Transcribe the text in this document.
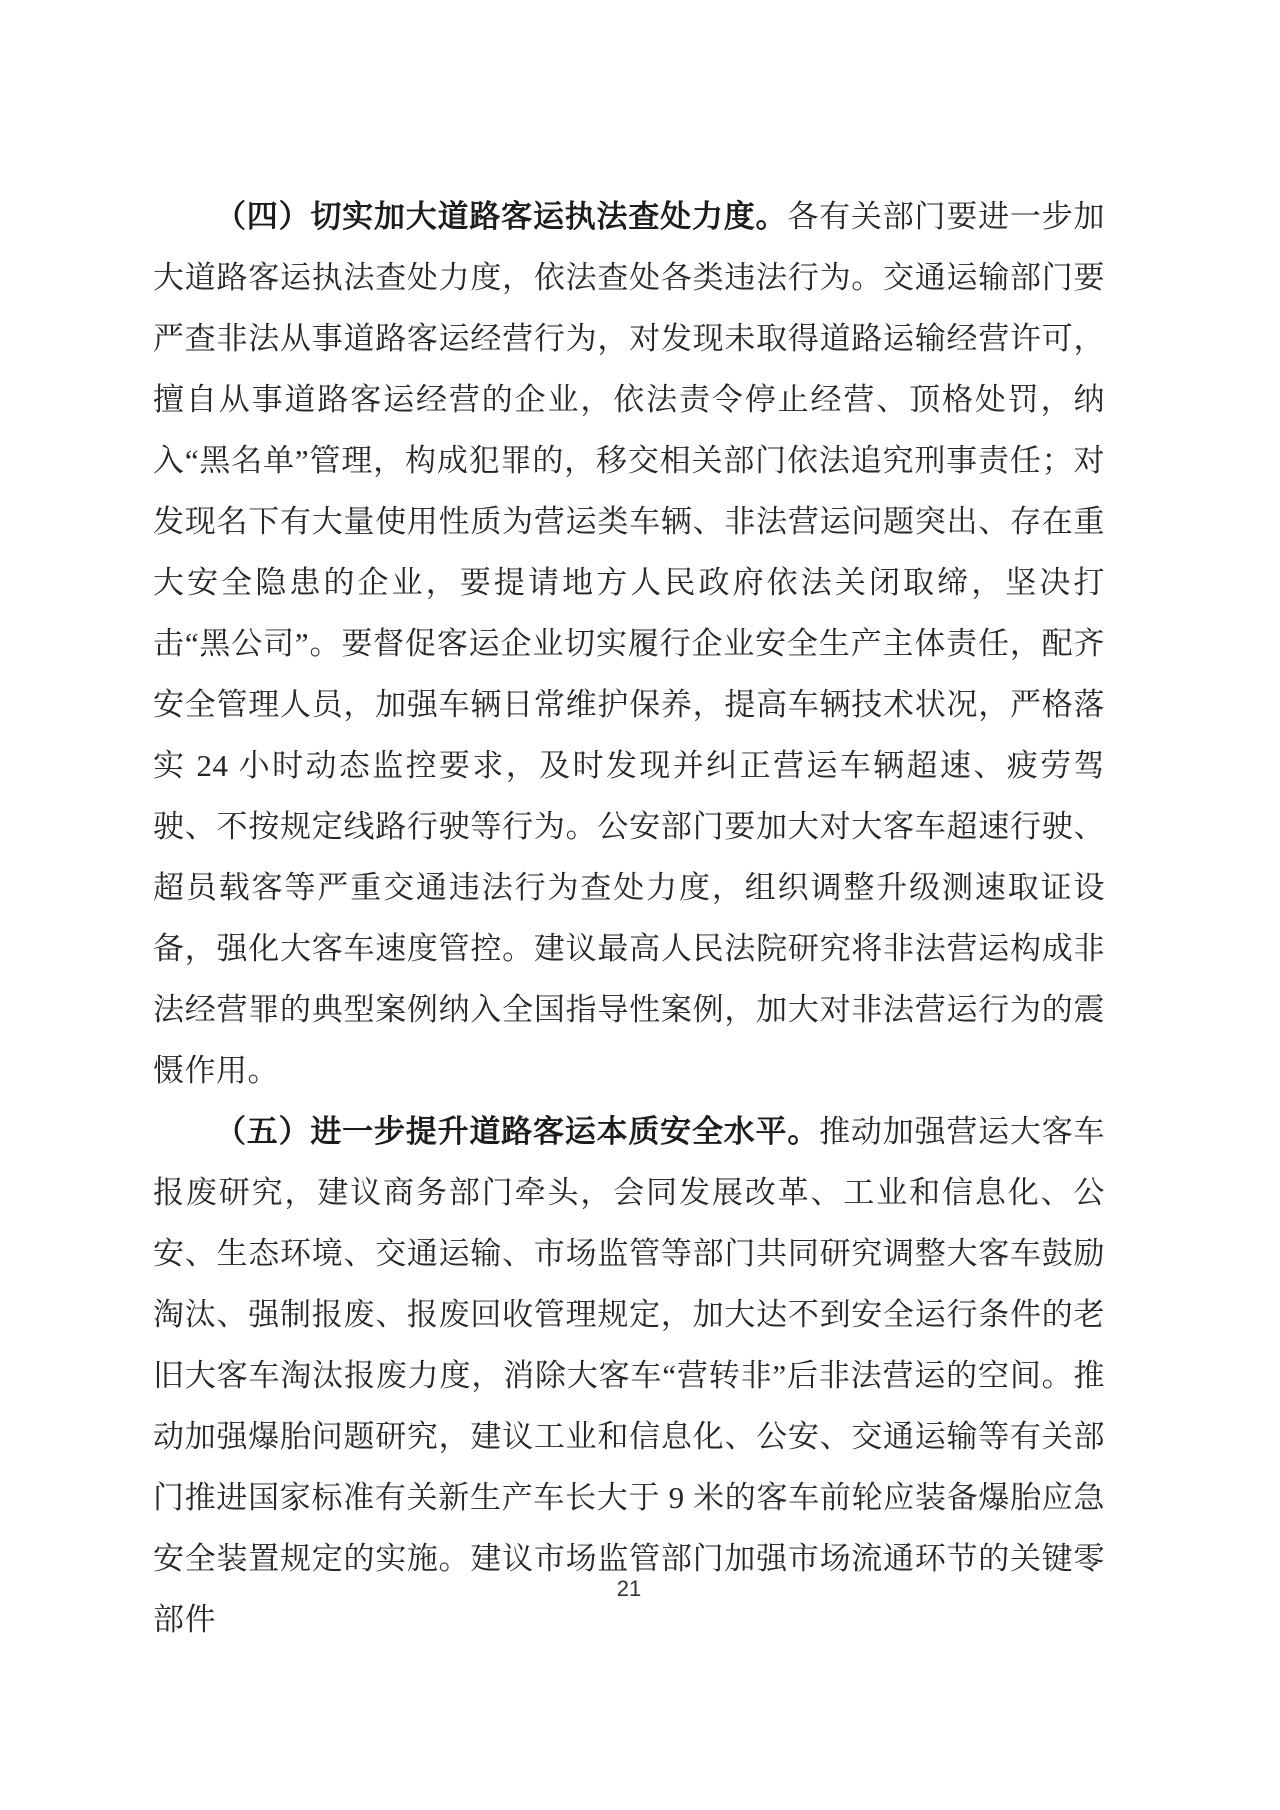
（四）切实加大道路客运执法查处力度。各有关部门要进一步加大道路客运执法查处力度，依法查处各类违法行为。交通运输部门要严查非法从事道路客运经营行为，对发现未取得道路运输经营许可，擅自从事道路客运经营的企业，依法责令停止经营、顶格处罚，纳入“黑名单”管理，构成犯罪的，移交相关部门依法追究刑事责任；对发现名下有大量使用性质为营运类车辆、非法营运问题突出、存在重大安全隐患的企业，要提请地方人民政府依法关闭取缔，坚决打击“黑公司”。要督促客运企业切实履行企业安全生产主体责任，配齐安全管理人员，加强车辆日常维护保养，提高车辆技术状况，严格落实 24 小时动态监控要求，及时发现并纠正营运车辆超速、疲劳驾驶、不按规定线路行驶等行为。公安部门要加大对大客车超速行驶、超员载客等严重交通违法行为查处力度，组织调整升级测速取证设备，强化大客车速度管控。建议最高人民法院研究将非法营运构成非法经营罪的典型案例纳入全国指导性案例，加大对非法营运行为的震慑作用。

（五）进一步提升道路客运本质安全水平。推动加强营运大客车报废研究，建议商务部门牵头，会同发展改革、工业和信息化、公安、生态环境、交通运输、市场监管等部门共同研究调整大客车鼓励淘汰、强制报废、报废回收管理规定，加大达不到安全运行条件的老旧大客车淘汰报废力度，消除大客车“营转非”后非法营运的空间。推动加强爆胎问题研究，建议工业和信息化、公安、交通运输等有关部门推进国家标准有关新生产车长大于 9 米的客车前轮应装备爆胎应急安全装置规定的实施。建议市场监管部门加强市场流通环节的关键零部件

21
